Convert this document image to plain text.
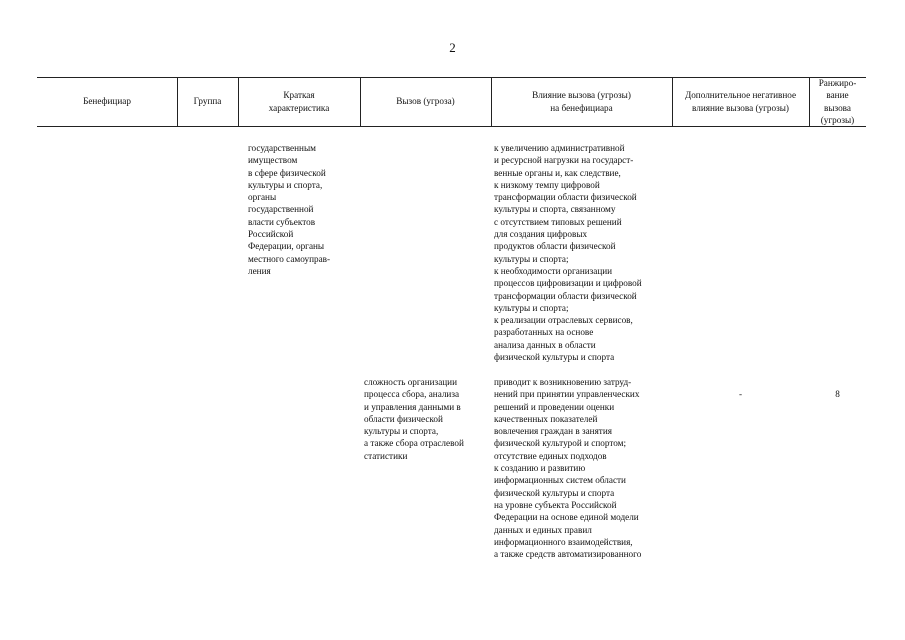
2
Бенефициар	Группа
Краткая
характеристика
Вызов (угроза)
Влияние вызова (угрозы)
на бенефициара
Дополнительное негативное
влияние вызова (угрозы)
Ранжиро-
вание
вызова
(угрозы)
государственным
имуществом
в сфере физической
культуры и спорта,
органы
государственной
власти субъектов
Российской
Федерации, органы
местного самоуправ-
ления
к увеличению административной
и ресурсной нагрузки на государст-
венные органы и, как следствие,
к низкому темпу цифровой
трансформации области физической
культуры и спорта, связанному
с отсутствием типовых решений
для создания цифровых
продуктов области физической
культуры и спорта;
к необходимости организации
процессов цифровизации и цифровой
трансформации области физической
культуры и спорта;
к реализации отраслевых сервисов,
разработанных на основе
анализа данных в области
физической культуры и спорта
сложность организации
процесса сбора, анализа
и управления данными в
области физической
культуры и спорта,
а также сбора отраслевой
статистики
приводит к возникновению затруд-
нений при принятии управленческих
решений и проведении оценки
качественных показателей
вовлечения граждан в занятия
физической культурой и спортом;
отсутствие единых подходов
к созданию и развитию
информационных систем области
физической культуры и спорта
на уровне субъекта Российской
Федерации на основе единой модели
данных и единых правил
информационного взаимодействия,
а также средств автоматизированного
-	8
